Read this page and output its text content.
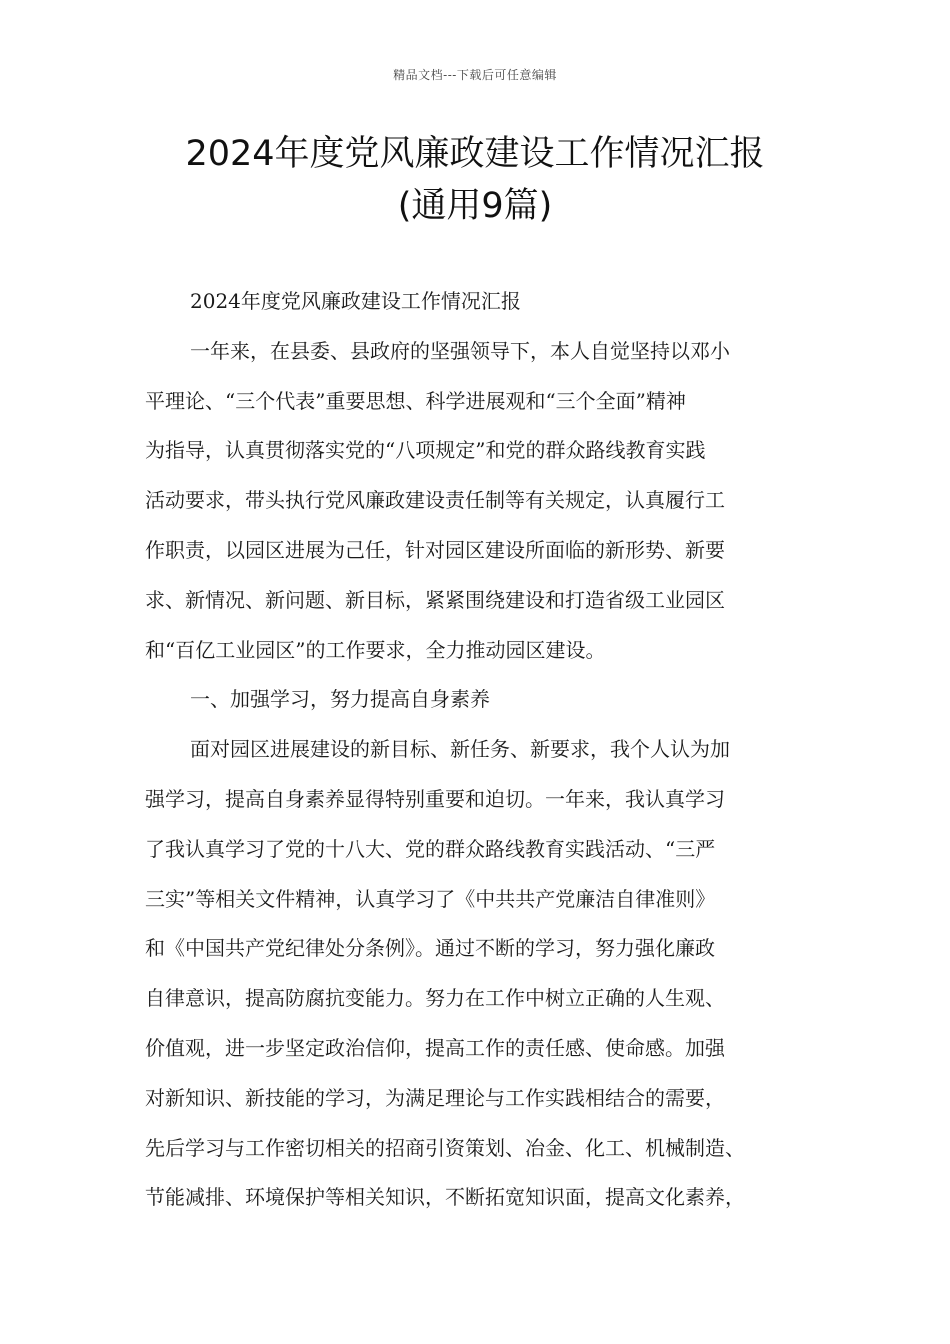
精品文档---下载后可任意编辑
2024年度党风廉政建设工作情况汇报
(通用9篇)
2024年度党风廉政建设工作情况汇报
一年来，在县委、县政府的坚强领导下，本人自觉坚持以邓小
平理论、“三个代表”重要思想、科学进展观和“三个全面”精神
为指导，认真贯彻落实党的“八项规定”和党的群众路线教育实践
活动要求，带头执行党风廉政建设责任制等有关规定，认真履行工
作职责，以园区进展为己任，针对园区建设所面临的新形势、新要
求、新情况、新问题、新目标，紧紧围绕建设和打造省级工业园区
和“百亿工业园区”的工作要求，全力推动园区建设。
一、加强学习，努力提高自身素养
面对园区进展建设的新目标、新任务、新要求，我个人认为加
强学习，提高自身素养显得特别重要和迫切。一年来，我认真学习
了我认真学习了党的十八大、党的群众路线教育实践活动、“三严
三实”等相关文件精神，认真学习了《中共共产党廉洁自律准则》
和《中国共产党纪律处分条例》。通过不断的学习，努力强化廉政
自律意识，提高防腐抗变能力。努力在工作中树立正确的人生观、
价值观，进一步坚定政治信仰，提高工作的责任感、使命感。加强
对新知识、新技能的学习，为满足理论与工作实践相结合的需要，
先后学习与工作密切相关的招商引资策划、冶金、化工、机械制造、
节能减排、环境保护等相关知识，不断拓宽知识面，提高文化素养，
